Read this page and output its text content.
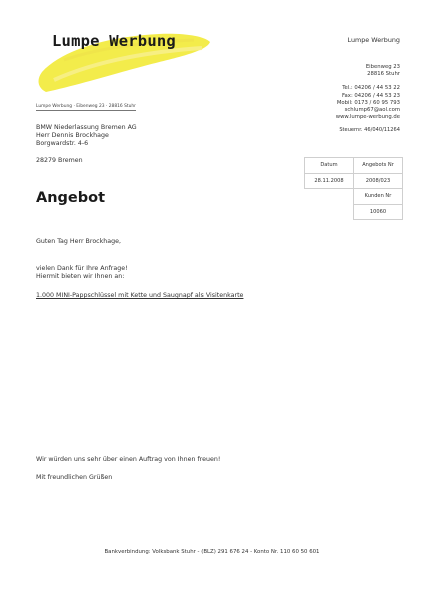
Lumpe Werbung	Lumpe Werbung
Eibenweg 23
28816 Stuhr
Tel.: 04206 / 44 53 22
Fax: 04206 / 44 53 23
Mobil: 0173 / 60 95 793
schlump67@aol.com
www.lumpe-werbung.de
Lumpe Werbung · Eibenweg 23 · 28816 Stuhr
BMW Niederlassung Bremen AG
Herr Dennis Brockhage
Borgwardstr. 4-6
28279 Bremen
Steuernr. 46/040/11264
Datum	Angebots Nr
28.11.2008	2008/023
	Kunden Nr
	10060
Angebot
Guten Tag Herr Brockhage,
vielen Dank für Ihre Anfrage!
Hiermit bieten wir Ihnen an:
1.000 MINI-Pappschlüssel mit Kette und Saugnapf als Visitenkarte
Wir würden uns sehr über einen Auftrag von Ihnen freuen!
Mit freundlichen Grüßen
Bankverbindung: Volksbank Stuhr - (BLZ) 291 676 24 - Konto Nr. 110 60 50 601
